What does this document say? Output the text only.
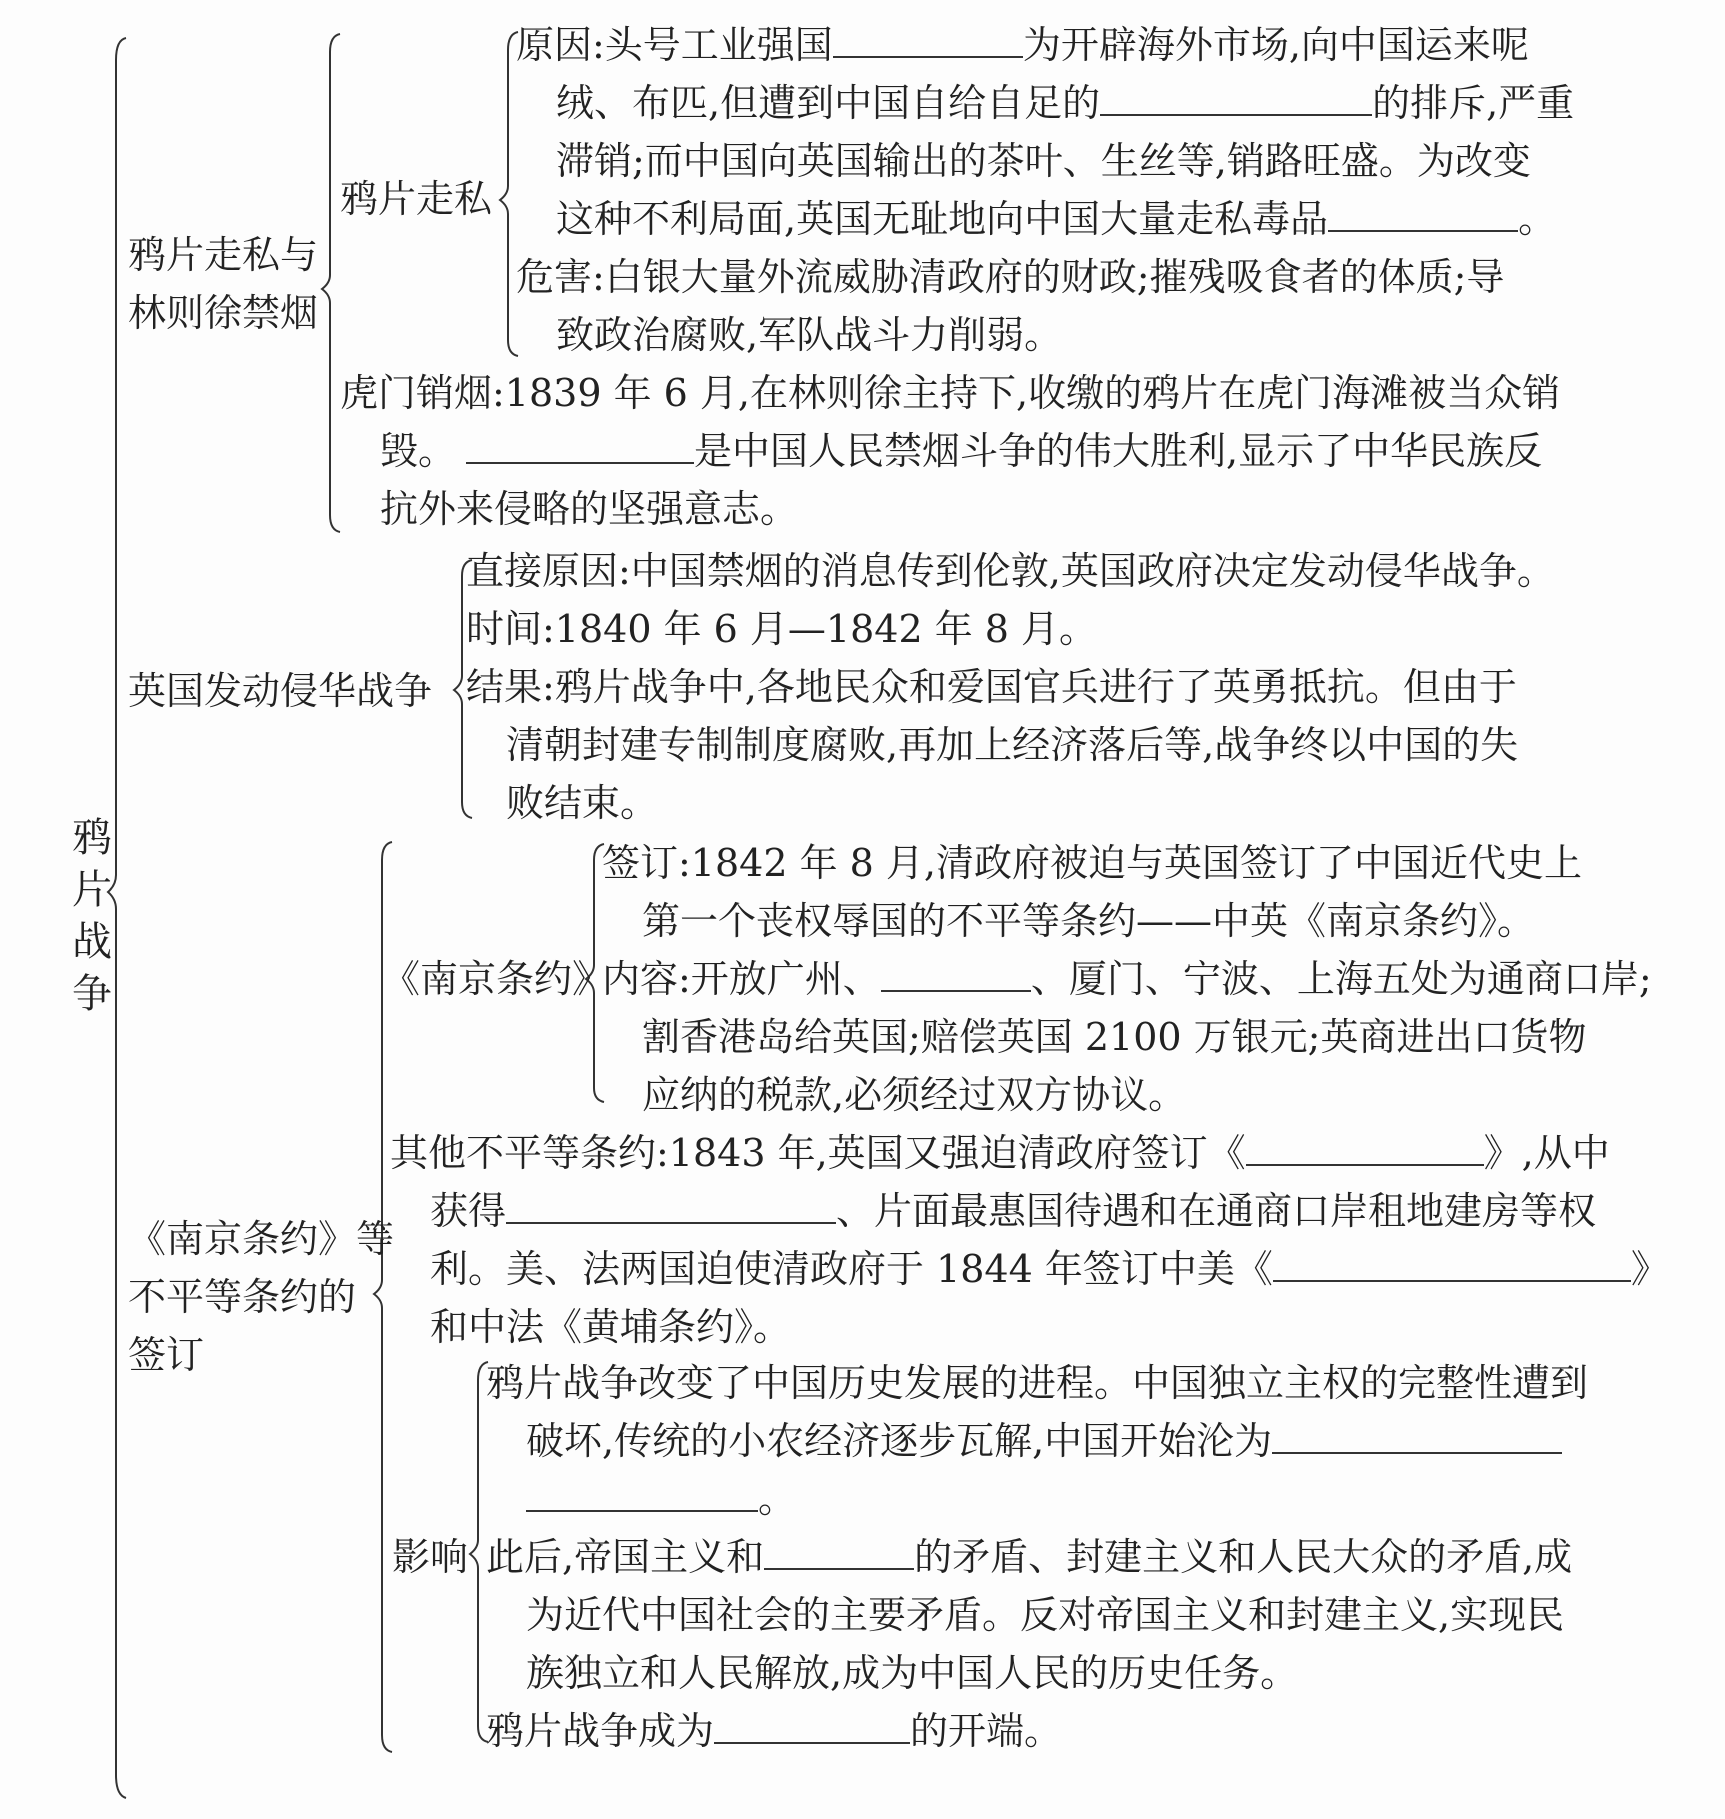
鸦片战争
鸦片走私与
林则徐禁烟
鸦片走私
原因:头号工业强国	为开辟海外市场,向中国运来呢
绒、布匹,但遭到中国自给自足的	的排斥,严重
滞销;而中国向英国输出的茶叶、生丝等,销路旺盛。为改变
这种不利局面,英国无耻地向中国大量走私毒品	。
危害:白银大量外流威胁清政府的财政;摧残吸食者的体质;导
致政治腐败,军队战斗力削弱。
虎门销烟:1839 年 6 月,在林则徐主持下,收缴的鸦片在虎门海滩被当众销
毁。	是中国人民禁烟斗争的伟大胜利,显示了中华民族反
抗外来侵略的坚强意志。
英国发动侵华战争
直接原因:中国禁烟的消息传到伦敦,英国政府决定发动侵华战争。
时间:1840 年 6 月—1842 年 8 月。
结果:鸦片战争中,各地民众和爱国官兵进行了英勇抵抗。但由于
清朝封建专制制度腐败,再加上经济落后等,战争终以中国的失
败结束。
《南京条约》等
不平等条约的
签订
《南京条约》
签订:1842 年 8 月,清政府被迫与英国签订了中国近代史上
第一个丧权辱国的不平等条约——中英《南京条约》。
内容:开放广州、	、厦门、宁波、上海五处为通商口岸;
割香港岛给英国;赔偿英国 2100 万银元;英商进出口货物
应纳的税款,必须经过双方协议。
其他不平等条约:1843 年,英国又强迫清政府签订《	》,从中
获得	、片面最惠国待遇和在通商口岸租地建房等权
利。美、法两国迫使清政府于 1844 年签订中美《	》
和中法《黄埔条约》。
影响
鸦片战争改变了中国历史发展的进程。中国独立主权的完整性遭到
破坏,传统的小农经济逐步瓦解,中国开始沦为
。
此后,帝国主义和	的矛盾、封建主义和人民大众的矛盾,成
为近代中国社会的主要矛盾。反对帝国主义和封建主义,实现民
族独立和人民解放,成为中国人民的历史任务。
鸦片战争成为	的开端。
